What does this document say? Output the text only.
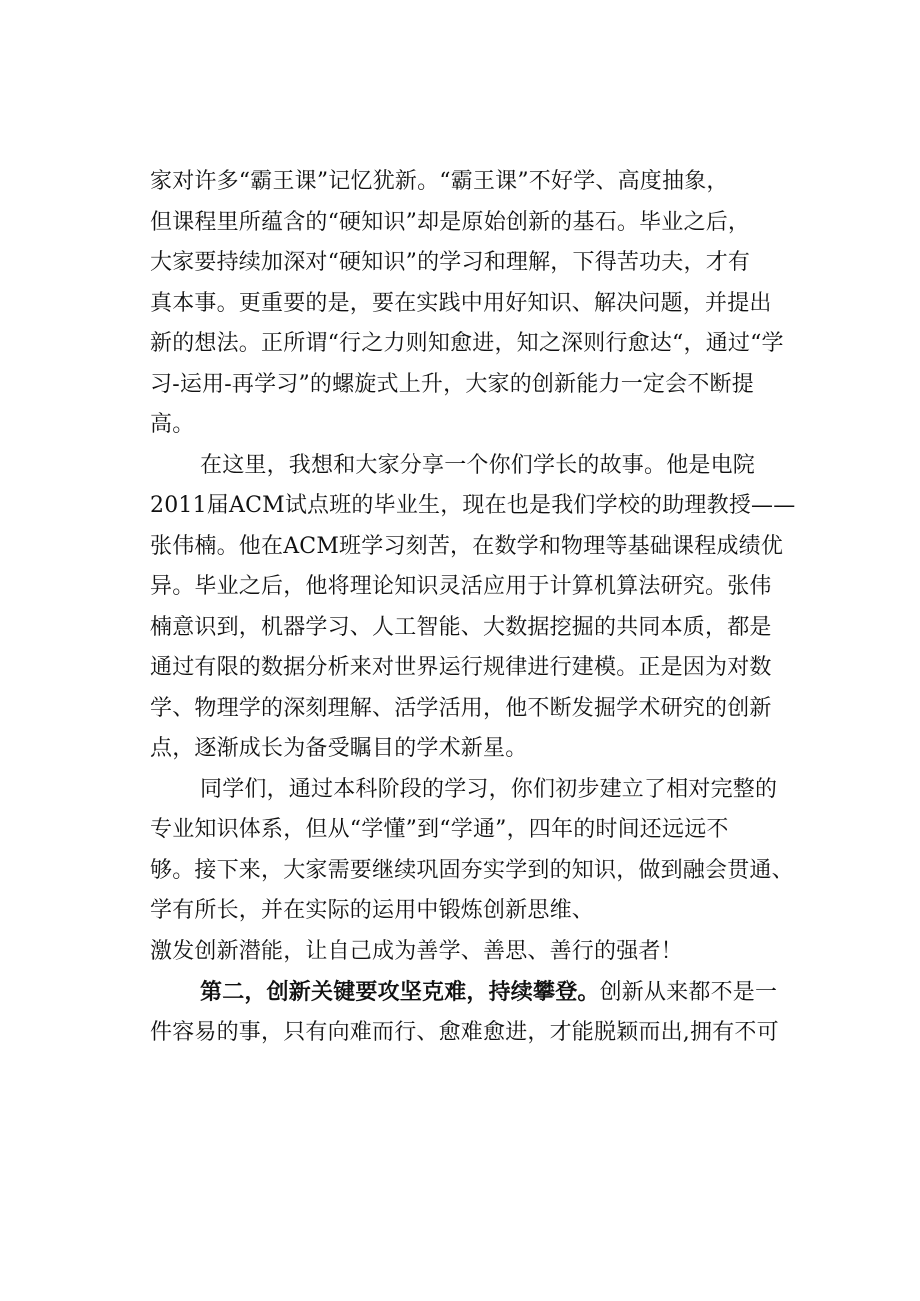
家对许多“霸王课”记忆犹新。“霸王课”不好学、高度抽象，
但课程里所蕴含的“硬知识”却是原始创新的基石。毕业之后，
大家要持续加深对“硬知识”的学习和理解，下得苦功夫，才有
真本事。更重要的是，要在实践中用好知识、解决问题，并提出
新的想法。正所谓“行之力则知愈进，知之深则行愈达“，通过“学
习-运用-再学习”的螺旋式上升，大家的创新能力一定会不断提
高。
在这里，我想和大家分享一个你们学长的故事。他是电院
2011届ACM试点班的毕业生，现在也是我们学校的助理教授——
张伟楠。他在ACM班学习刻苦，在数学和物理等基础课程成绩优
异。毕业之后，他将理论知识灵活应用于计算机算法研究。张伟
楠意识到，机器学习、人工智能、大数据挖掘的共同本质，都是
通过有限的数据分析来对世界运行规律进行建模。正是因为对数
学、物理学的深刻理解、活学活用，他不断发掘学术研究的创新
点，逐渐成长为备受瞩目的学术新星。
同学们，通过本科阶段的学习，你们初步建立了相对完整的
专业知识体系，但从“学懂”到“学通”，四年的时间还远远不
够。接下来，大家需要继续巩固夯实学到的知识，做到融会贯通、
学有所长，并在实际的运用中锻炼创新思维、
激发创新潜能，让自己成为善学、善思、善行的强者！
第二，创新关键要攻坚克难，持续攀登。创新从来都不是一
件容易的事，只有向难而行、愈难愈进，才能脱颖而出,拥有不可
